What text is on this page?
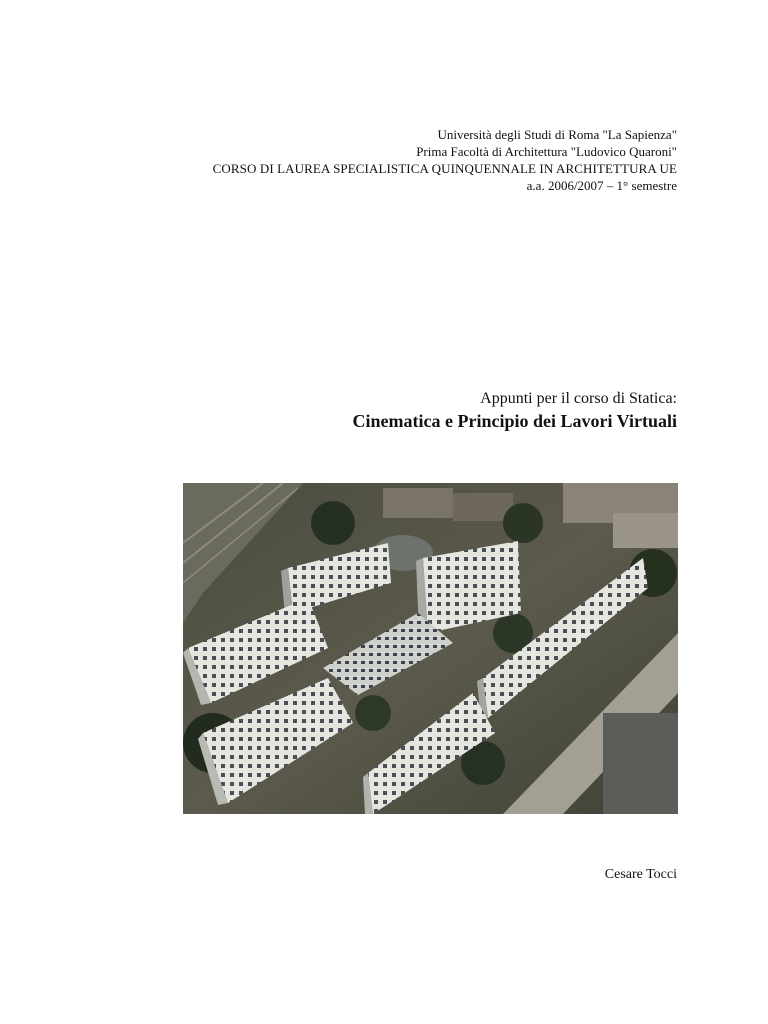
Università degli Studi di Roma "La Sapienza"
Prima Facoltà di Architettura "Ludovico Quaroni"
CORSO DI LAUREA SPECIALISTICA QUINQUENNALE IN ARCHITETTURA UE
a.a. 2006/2007 – 1° semestre
Appunti per il corso di Statica:
Cinematica e Principio dei Lavori Virtuali
Cesare Tocci
